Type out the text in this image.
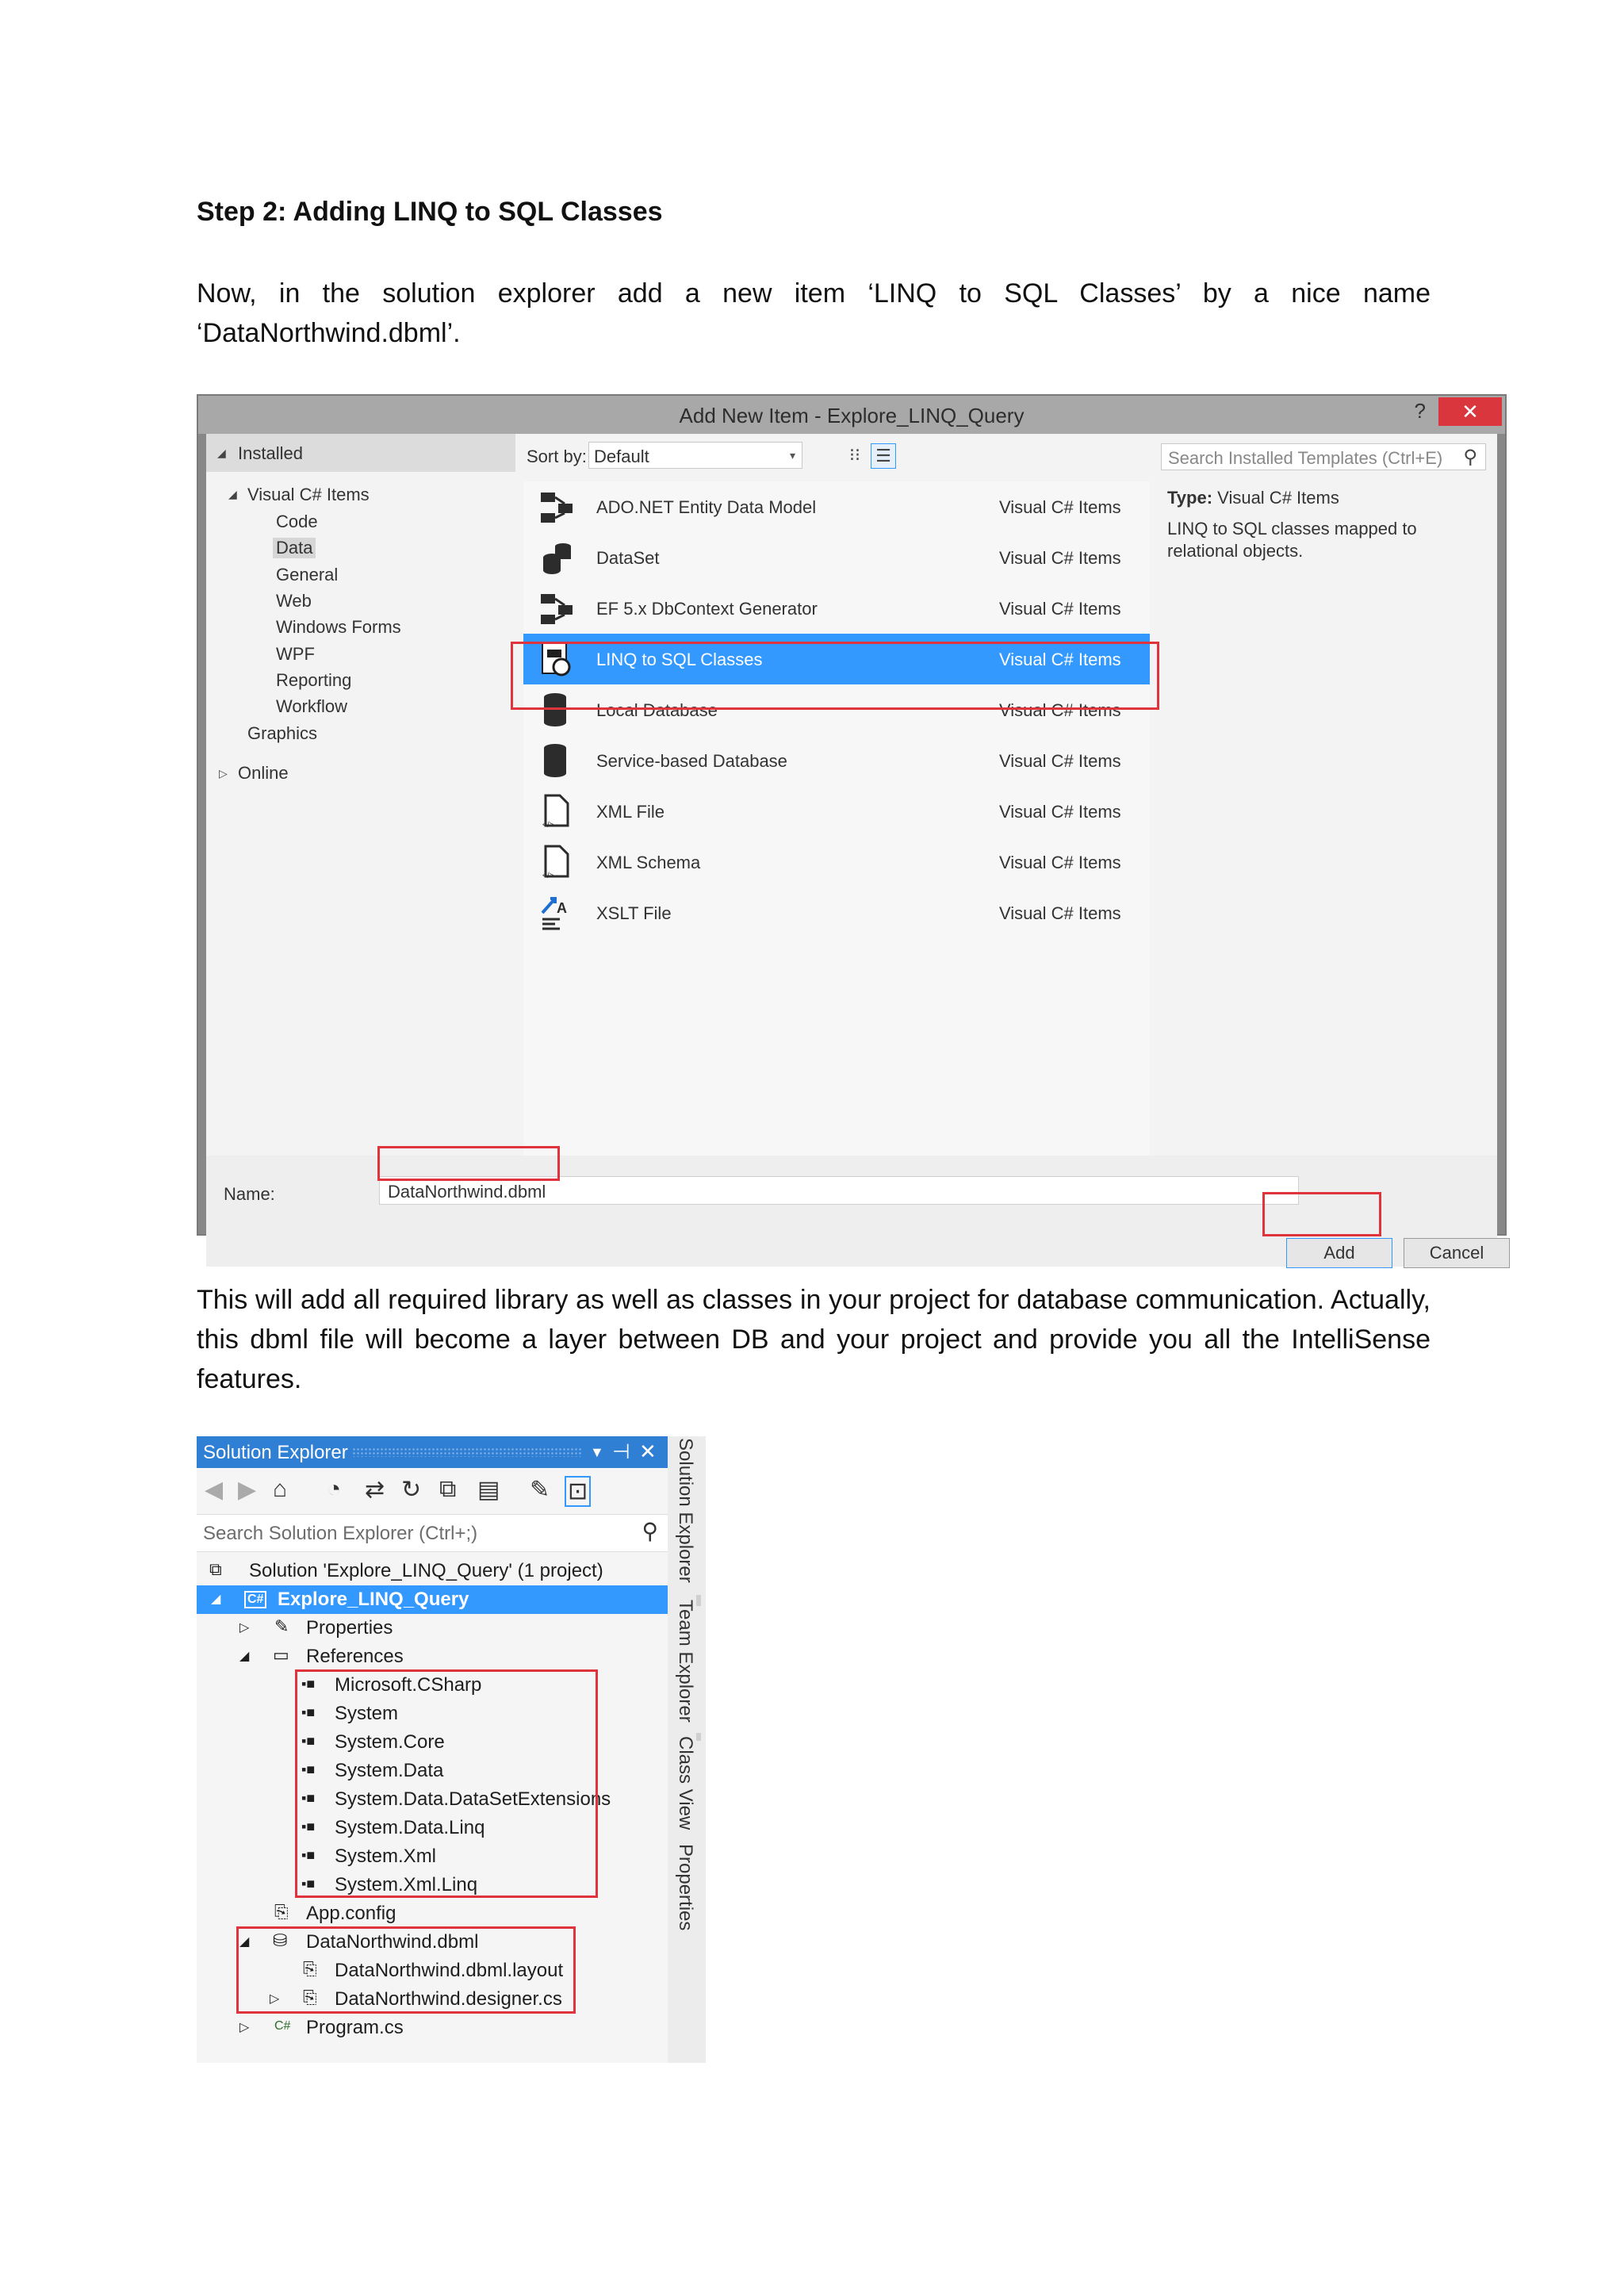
Step 2: Adding LINQ to SQL Classes
Now, in the solution explorer add a new item ‘LINQ to SQL Classes’ by a nice name ‘DataNorthwind.dbml’.
Add New Item - Explore_LINQ_Query	?	✕
◢ Installed
◢ Visual C# Items
Code
Data
General
Web
Windows Forms
WPF
Reporting
Workflow
Graphics
▷ Online
Sort by: Default	▾	⁝⁝ ☰
ADO.NET Entity Data Model	Visual C# Items
DataSet	Visual C# Items
EF 5.x DbContext Generator	Visual C# Items
LINQ to SQL Classes	Visual C# Items
Local Database	Visual C# Items
Service-based Database	Visual C# Items
</>
XML File	Visual C# Items
</>
XML Schema	Visual C# Items
A XSLT File	Visual C# Items
Search Installed Templates (Ctrl+E) ⚲
Type: Visual C# Items
LINQ to SQL classes mapped to relational objects.
Name:	DataNorthwind.dbml
Add	Cancel
This will add all required library as well as classes in your project for database communication. Actually, this dbml file will become a layer between DB and your project and provide you all the IntelliSense features.
Solution Explorer	▼ ⊣ ✕
◀ ▶ ⌂ ◔ ⇄ ↻ ⧉ ▤ ✎ ⊡
Search Solution Explorer (Ctrl+;)	⚲
⧉ Solution 'Explore_LINQ_Query' (1 project)
◢ C# Explore_LINQ_Query
▷ ✎ Properties
◢ ▭ References
▪■ Microsoft.CSharp
▪■ System
▪■ System.Core
▪■ System.Data
▪■ System.Data.DataSetExtensions
▪■ System.Data.Linq
▪■ System.Xml
▪■ System.Xml.Linq
⎘ App.config
◢ ⛁ DataNorthwind.dbml
⎘ DataNorthwind.dbml.layout
▷ ⎘ DataNorthwind.designer.cs
▷ C# Program.cs
Solution Explorer
Team Explorer
Class View
Properties
